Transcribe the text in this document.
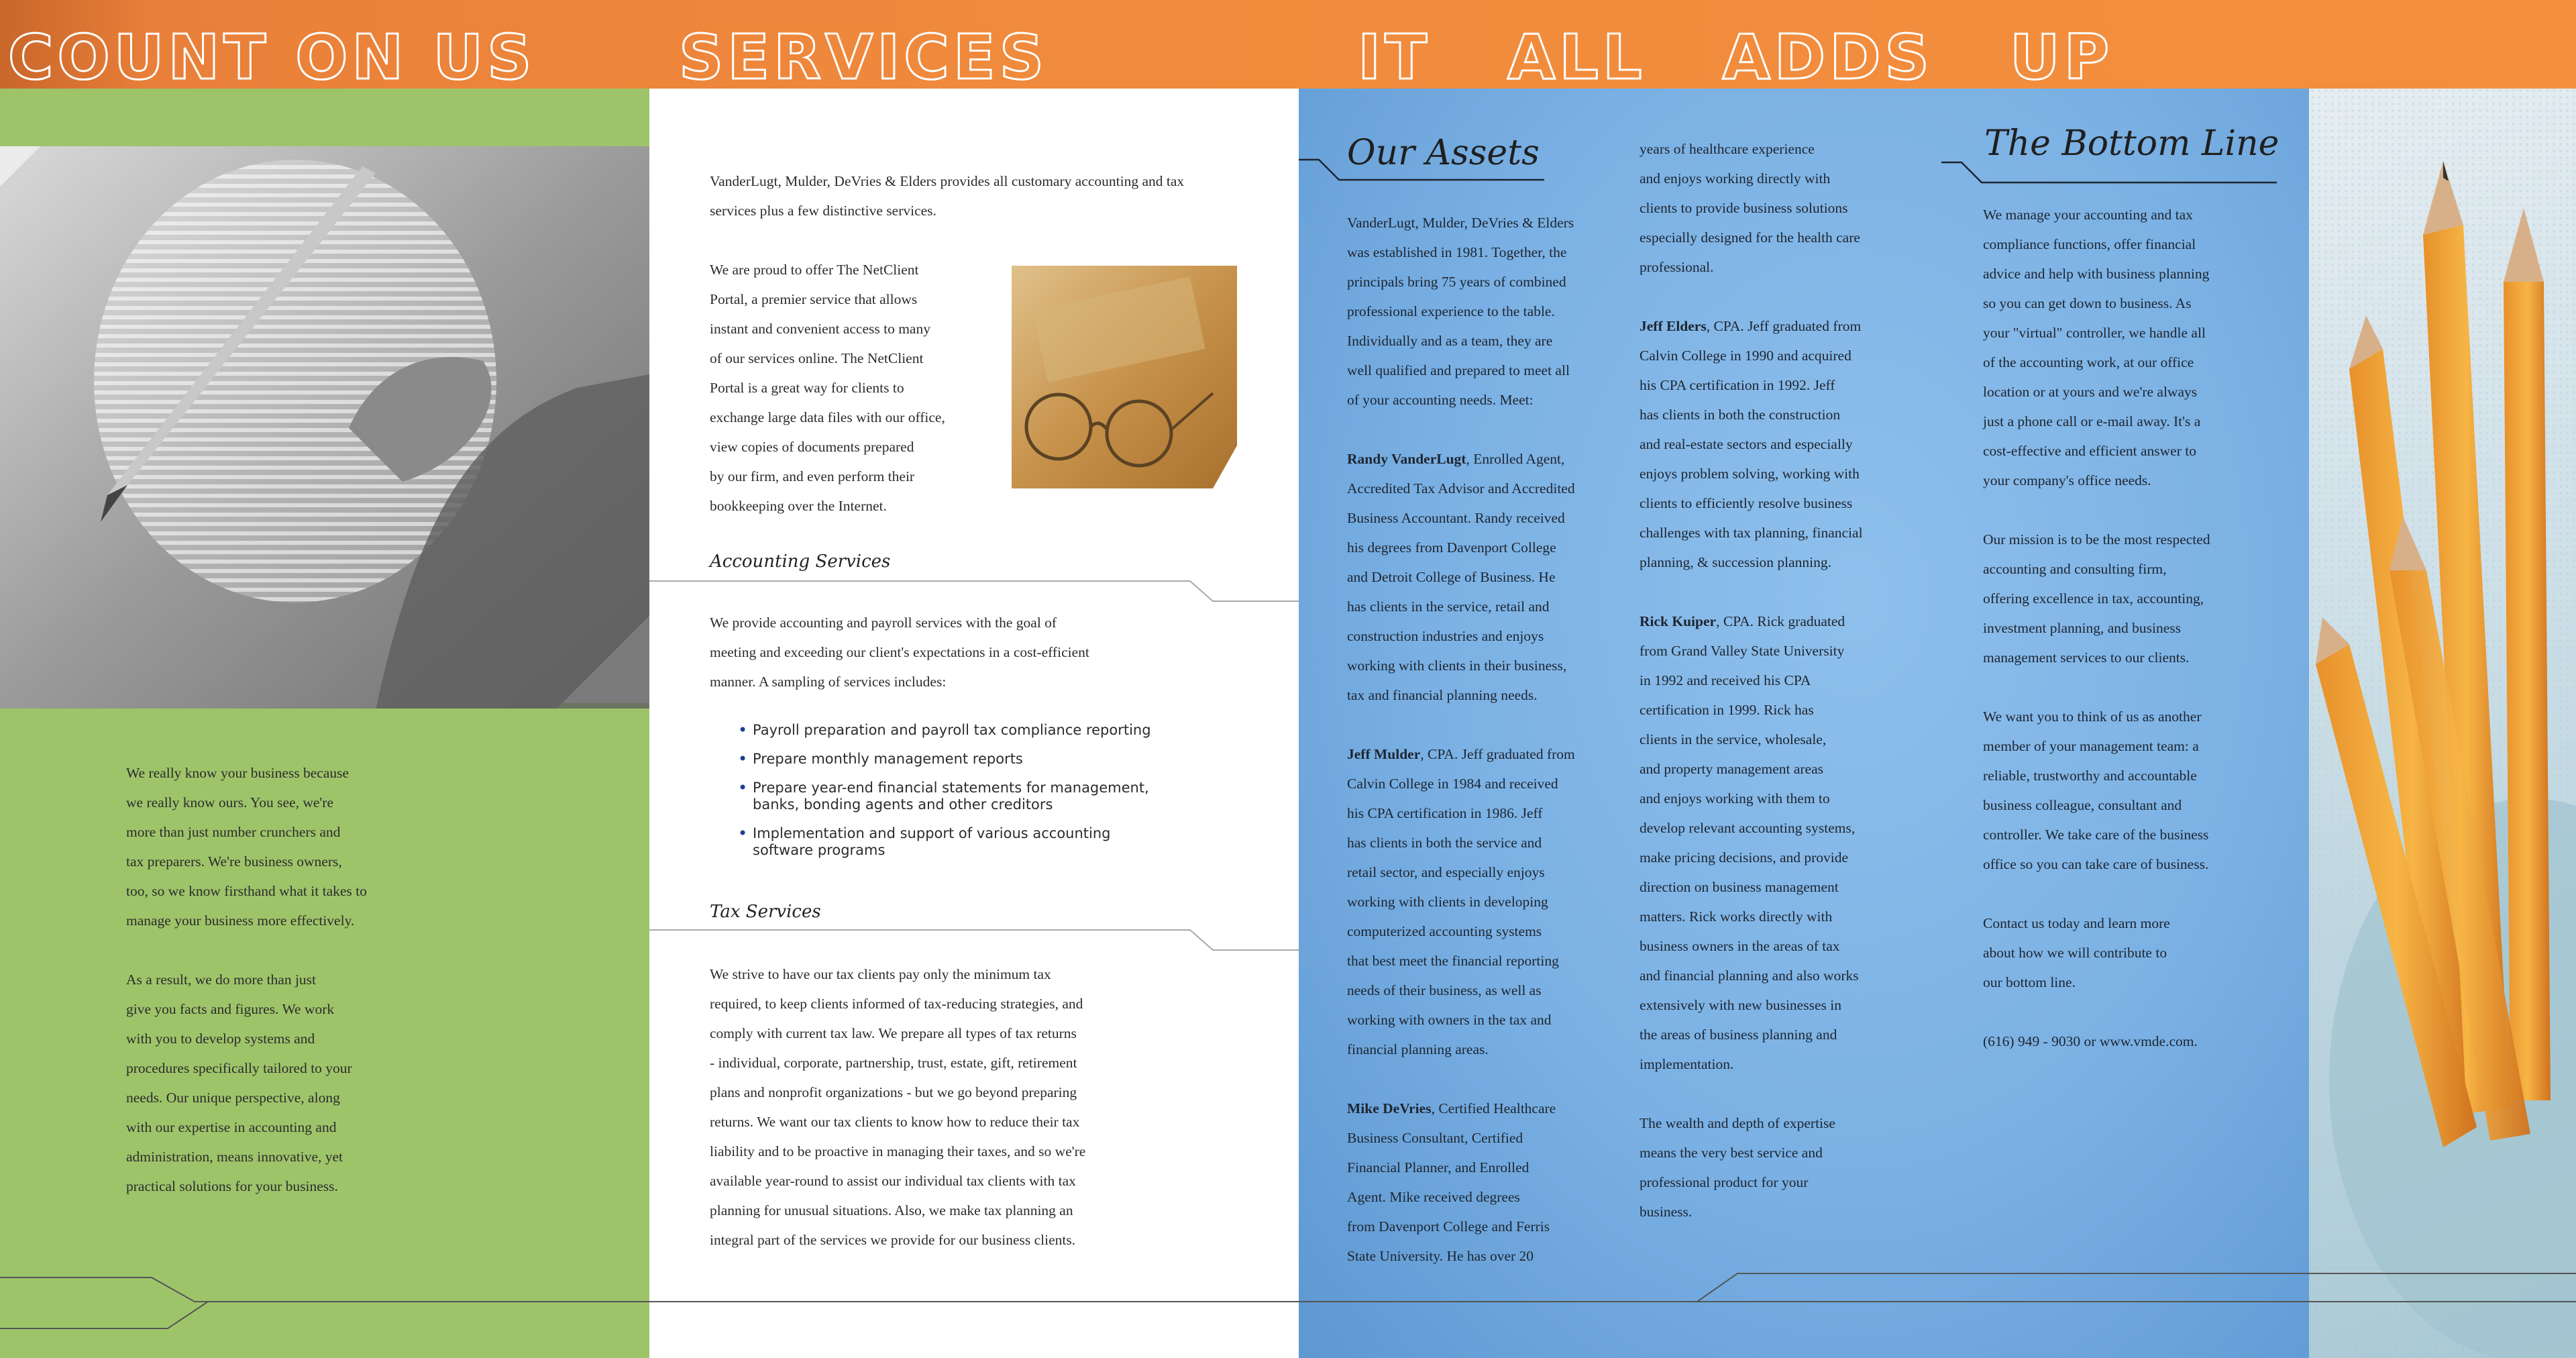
COUNT ON US SERVICES	IT   ALL   ADDS   UP

We really know your business because
we really know ours. You see, we're
more than just number crunchers and
tax preparers. We're business owners,
too, so we know firsthand what it takes to
manage your business more effectively.

As a result, we do more than just
give you facts and figures. We work
with you to develop systems and
procedures specifically tailored to your
needs. Our unique perspective, along
with our expertise in accounting and
administration, means innovative, yet
practical solutions for your business.

VanderLugt, Mulder, DeVries & Elders provides all customary accounting and tax services plus a few distinctive services.
We are proud to offer The NetClient
Portal, a premier service that allows
instant and convenient access to many
of our services online. The NetClient
Portal is a great way for clients to
exchange large data files with our office,
view copies of documents prepared
by our firm, and even perform their
bookkeeping over the Internet.
Accounting Services
We provide accounting and payroll services with the goal of
meeting and exceeding our client's expectations in a cost-efficient
manner. A sampling of services includes:
• Payroll preparation and payroll tax compliance reporting
• Prepare monthly management reports
• Prepare year-end financial statements for management,
banks, bonding agents and other creditors
• Implementation and support of various accounting
software programs
Tax Services
We strive to have our tax clients pay only the minimum tax
required, to keep clients informed of tax-reducing strategies, and
comply with current tax law. We prepare all types of tax returns
- individual, corporate, partnership, trust, estate, gift, retirement
plans and nonprofit organizations - but we go beyond preparing
returns. We want our tax clients to know how to reduce their tax
liability and to be proactive in managing their taxes, and so we're
available year-round to assist our individual tax clients with tax
planning for unusual situations. Also, we make tax planning an
integral part of the services we provide for our business clients.
Our Assets

VanderLugt, Mulder, DeVries & Elders
was established in 1981. Together, the
principals bring 75 years of combined
professional experience to the table.
Individually and as a team, they are
well qualified and prepared to meet all
of your accounting needs. Meet:

Randy VanderLugt, Enrolled Agent,
Accredited Tax Advisor and Accredited
Business Accountant. Randy received
his degrees from Davenport College
and Detroit College of Business. He
has clients in the service, retail and
construction industries and enjoys
working with clients in their business,
tax and financial planning needs.

Jeff Mulder, CPA. Jeff graduated from
Calvin College in 1984 and received
his CPA certification in 1986. Jeff
has clients in both the service and
retail sector, and especially enjoys
working with clients in developing
computerized accounting systems
that best meet the financial reporting
needs of their business, as well as
working with owners in the tax and
financial planning areas.

Mike DeVries, Certified Healthcare
Business Consultant, Certified
Financial Planner, and Enrolled
Agent. Mike received degrees
from Davenport College and Ferris
State University. He has over 20

years of healthcare experience
and enjoys working directly with
clients to provide business solutions
especially designed for the health care
professional.

Jeff Elders, CPA. Jeff graduated from
Calvin College in 1990 and acquired
his CPA certification in 1992. Jeff
has clients in both the construction
and real-estate sectors and especially
enjoys problem solving, working with
clients to efficiently resolve business
challenges with tax planning, financial
planning, & succession planning.

Rick Kuiper, CPA. Rick graduated
from Grand Valley State University
in 1992 and received his CPA
certification in 1999. Rick has
clients in the service, wholesale,
and property management areas
and enjoys working with them to
develop relevant accounting systems,
make pricing decisions, and provide
direction on business management
matters. Rick works directly with
business owners in the areas of tax
and financial planning and also works
extensively with new businesses in
the areas of business planning and
implementation.

The wealth and depth of expertise
means the very best service and
professional product for your
business.

The Bottom Line

We manage your accounting and tax
compliance functions, offer financial
advice and help with business planning
so you can get down to business. As
your "virtual" controller, we handle all
of the accounting work, at our office
location or at yours and we're always
just a phone call or e-mail away. It's a
cost-effective and efficient answer to
your company's office needs.

Our mission is to be the most respected
accounting and consulting firm,
offering excellence in tax, accounting,
investment planning, and business
management services to our clients.

We want you to think of us as another
member of your management team: a
reliable, trustworthy and accountable
business colleague, consultant and
controller. We take care of the business
office so you can take care of business.

Contact us today and learn more
about how we will contribute to
our bottom line.

(616) 949 - 9030 or www.vmde.com.
